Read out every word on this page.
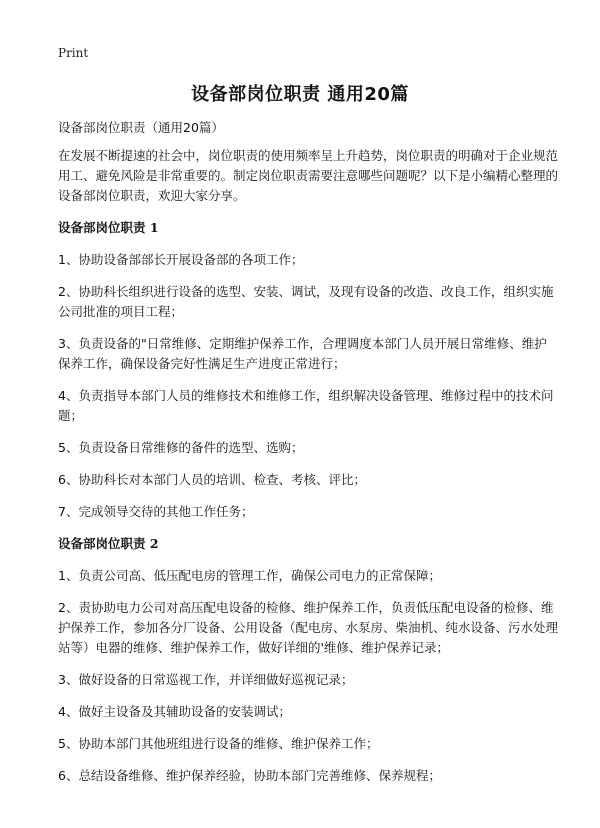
Print
设备部岗位职责 通用20篇

设备部岗位职责（通用20篇）

在发展不断提速的社会中，岗位职责的使用频率呈上升趋势，岗位职责的明确对于企业规范用工、避免风险是非常重要的。制定岗位职责需要注意哪些问题呢？以下是小编精心整理的设备部岗位职责，欢迎大家分享。

设备部岗位职责 1

1、协助设备部部长开展设备部的各项工作；

2、协助科长组织进行设备的选型、安装、调试，及现有设备的改造、改良工作，组织实施公司批准的项目工程；

3、负责设备的"日常维修、定期维护保养工作，合理调度本部门人员开展日常维修、维护保养工作，确保设备完好性满足生产进度正常进行；

4、负责指导本部门人员的维修技术和维修工作，组织解决设备管理、维修过程中的技术问题；

5、负责设备日常维修的备件的选型、选购；

6、协助科长对本部门人员的培训、检查、考核、评比；

7、完成领导交待的其他工作任务；

设备部岗位职责 2

1、负责公司高、低压配电房的管理工作，确保公司电力的正常保障；

2、责协助电力公司对高压配电设备的检修、维护保养工作，负责低压配电设备的检修、维护保养工作，参加各分厂设备、公用设备（配电房、水泵房、柴油机、纯水设备、污水处理站等）电器的维修、维护保养工作，做好详细的'维修、维护保养记录；

3、做好设备的日常巡视工作，并详细做好巡视记录；

4、做好主设备及其辅助设备的安装调试；

5、协助本部门其他班组进行设备的维修、维护保养工作；

6、总结设备维修、维护保养经验，协助本部门完善维修、保养规程；
